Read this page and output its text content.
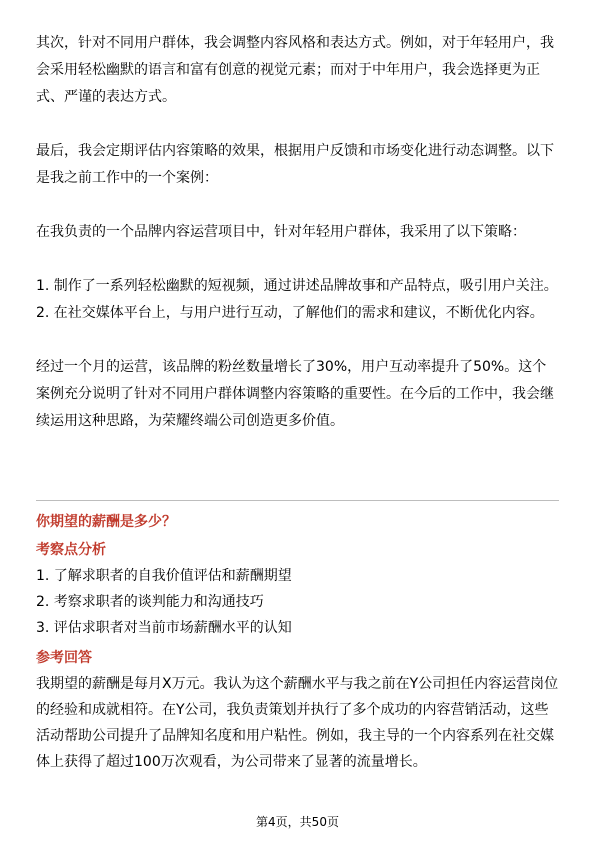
其次，针对不同用户群体，我会调整内容风格和表达方式。例如，对于年轻用户，我会采用轻松幽默的语言和富有创意的视觉元素；而对于中年用户，我会选择更为正式、严谨的表达方式。

最后，我会定期评估内容策略的效果，根据用户反馈和市场变化进行动态调整。以下是我之前工作中的一个案例：

在我负责的一个品牌内容运营项目中，针对年轻用户群体，我采用了以下策略：

1. 制作了一系列轻松幽默的短视频，通过讲述品牌故事和产品特点，吸引用户关注。

2. 在社交媒体平台上，与用户进行互动，了解他们的需求和建议，不断优化内容。

经过一个月的运营，该品牌的粉丝数量增长了30%，用户互动率提升了50%。这个案例充分说明了针对不同用户群体调整内容策略的重要性。在今后的工作中，我会继续运用这种思路，为荣耀终端公司创造更多价值。

你期望的薪酬是多少？

考察点分析

1. 了解求职者的自我价值评估和薪酬期望

2. 考察求职者的谈判能力和沟通技巧

3. 评估求职者对当前市场薪酬水平的认知

参考回答

我期望的薪酬是每月X万元。我认为这个薪酬水平与我之前在Y公司担任内容运营岗位的经验和成就相符。在Y公司，我负责策划并执行了多个成功的内容营销活动，这些活动帮助公司提升了品牌知名度和用户粘性。例如，我主导的一个内容系列在社交媒体上获得了超过100万次观看，为公司带来了显著的流量增长。

第4页，共50页
